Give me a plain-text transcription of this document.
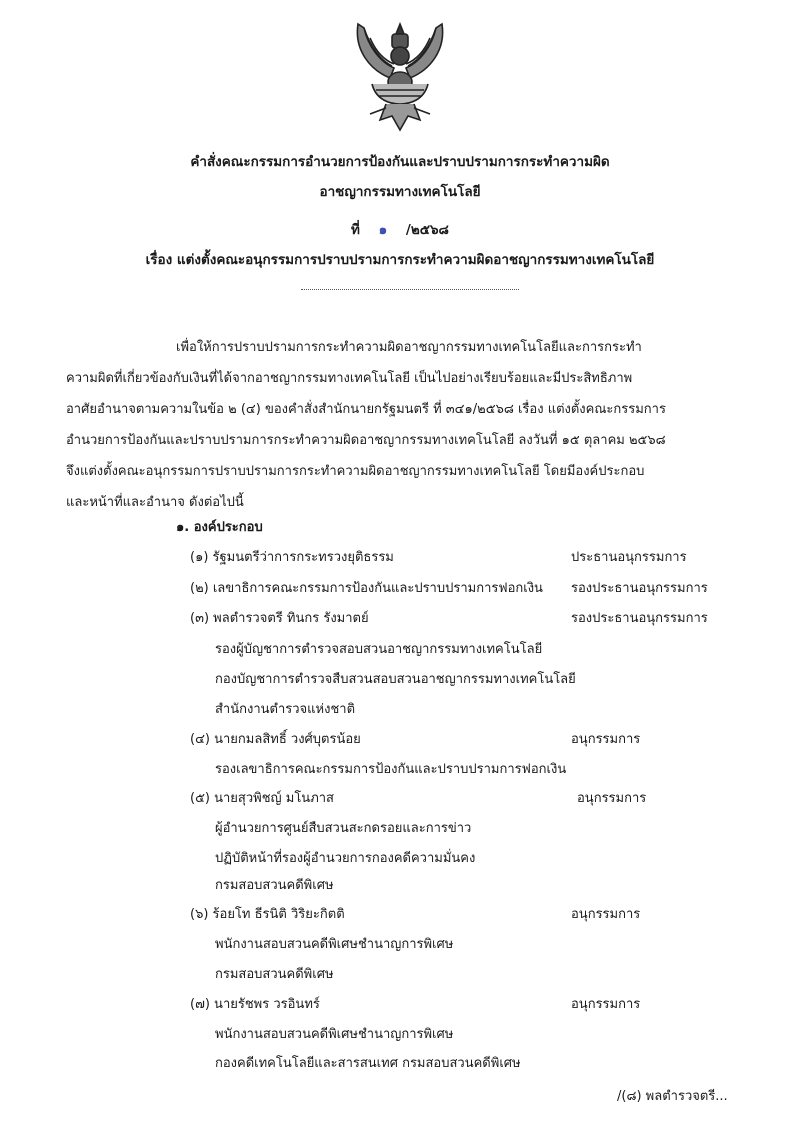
คำสั่งคณะกรรมการอำนวยการป้องกันและปราบปรามการกระทำความผิด
อาชญากรรมทางเทคโนโลยี
ที่ ๑ /๒๕๖๘
เรื่อง แต่งตั้งคณะอนุกรรมการปราบปรามการกระทำความผิดอาชญากรรมทางเทคโนโลยี
เพื่อให้การปราบปรามการกระทำความผิดอาชญากรรมทางเทคโนโลยีและการกระทำ
ความผิดที่เกี่ยวข้องกับเงินที่ได้จากอาชญากรรมทางเทคโนโลยี เป็นไปอย่างเรียบร้อยและมีประสิทธิภาพ
อาศัยอำนาจตามความในข้อ ๒ (๔) ของคำสั่งสำนักนายกรัฐมนตรี ที่ ๓๔๑/๒๕๖๘ เรื่อง แต่งตั้งคณะกรรมการ
อำนวยการป้องกันและปราบปรามการกระทำความผิดอาชญากรรมทางเทคโนโลยี ลงวันที่ ๑๕ ตุลาคม ๒๕๖๘
จึงแต่งตั้งคณะอนุกรรมการปราบปรามการกระทำความผิดอาชญากรรมทางเทคโนโลยี โดยมีองค์ประกอบ
และหน้าที่และอำนาจ ดังต่อไปนี้
๑. องค์ประกอบ
(๑) รัฐมนตรีว่าการกระทรวงยุติธรรม	ประธานอนุกรรมการ
(๒) เลขาธิการคณะกรรมการป้องกันและปราบปรามการฟอกเงิน รองประธานอนุกรรมการ
(๓) พลตำรวจตรี ทินกร รังมาตย์	รองประธานอนุกรรมการ
รองผู้บัญชาการตำรวจสอบสวนอาชญากรรมทางเทคโนโลยี
กองบัญชาการตำรวจสืบสวนสอบสวนอาชญากรรมทางเทคโนโลยี
สำนักงานตำรวจแห่งชาติ
(๔) นายกมลสิทธิ์ วงศ์บุตรน้อย	อนุกรรมการ
รองเลขาธิการคณะกรรมการป้องกันและปราบปรามการฟอกเงิน
(๕) นายสุวพิชญ์ มโนภาส	อนุกรรมการ
ผู้อำนวยการศูนย์สืบสวนสะกดรอยและการข่าว
ปฏิบัติหน้าที่รองผู้อำนวยการกองคดีความมั่นคง
กรมสอบสวนคดีพิเศษ
(๖) ร้อยโท ธีรนิติ วิริยะกิตติ	อนุกรรมการ
พนักงานสอบสวนคดีพิเศษชำนาญการพิเศษ
กรมสอบสวนคดีพิเศษ
(๗) นายรัชพร วรอินทร์	อนุกรรมการ
พนักงานสอบสวนคดีพิเศษชำนาญการพิเศษ
กองคดีเทคโนโลยีและสารสนเทศ กรมสอบสวนคดีพิเศษ
/(๘) พลตำรวจตรี...
